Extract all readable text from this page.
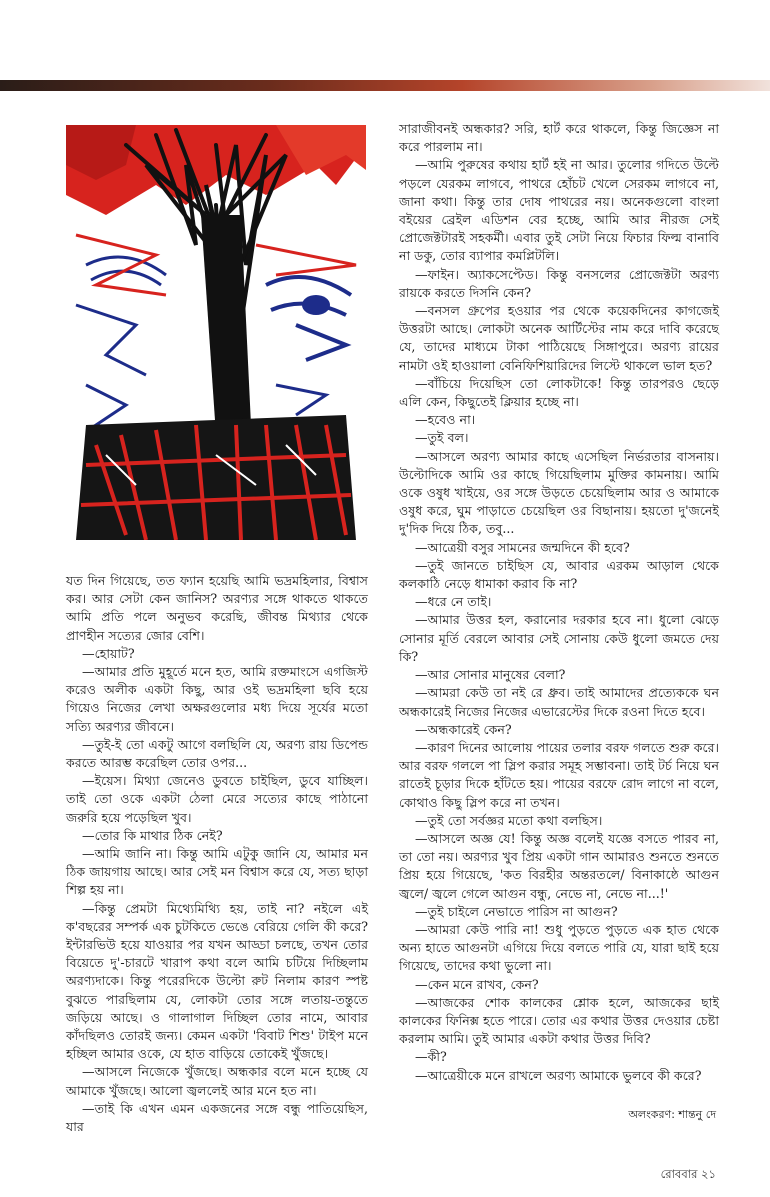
যত দিন গিয়েছে, তত ফ্যান হয়েছি আমি ভদ্রমহিলার, বিশ্বাস কর। আর সেটা কেন জানিস? অরণ্যর সঙ্গে থাকতে থাকতে আমি প্রতি পলে অনুভব করেছি, জীবন্ত মিথ্যার থেকে প্রাণহীন সত্যের জোর বেশি।

—হোয়াট?

—আমার প্রতি মুহূর্তে মনে হত, আমি রক্তমাংসে এগজিস্ট করেও অলীক একটা কিছু, আর ওই ভদ্রমহিলা ছবি হয়ে গিয়েও নিজের লেখা অক্ষরগুলোর মধ্য দিয়ে সূর্যের মতো সত্যি অরণ্যর জীবনে।

—তুই-ই তো একটু আগে বলছিলি যে, অরণ্য রায় ডিপেন্ড করতে আরম্ভ করেছিল তোর ওপর...

—ইয়েস। মিথ্যা জেনেও ডুবতে চাইছিল, ডুবে যাচ্ছিল। তাই তো ওকে একটা ঠেলা মেরে সত্যের কাছে পাঠানো জরুরি হয়ে পড়েছিল খুব।

—তোর কি মাথার ঠিক নেই?

—আমি জানি না। কিন্তু আমি এটুকু জানি যে, আমার মন ঠিক জায়গায় আছে। আর সেই মন বিশ্বাস করে যে, সত্য ছাড়া শিল্প হয় না।

—কিন্তু প্রেমটা মিথ্যেমিথ্যি হয়, তাই না? নইলে এই ক'বছরের সম্পর্ক এক চুটকিতে ভেঙে বেরিয়ে গেলি কী করে? ইন্টারভিউ হয়ে যাওয়ার পর যখন আড্ডা চলছে, তখন তোর বিয়েতে দু'-চারটে খারাপ কথা বলে আমি চটিয়ে দিচ্ছিলাম অরণ্যদাকে। কিন্তু পরেরদিকে উল্টো রুট নিলাম কারণ স্পষ্ট বুঝতে পারছিলাম যে, লোকটা তোর সঙ্গে লতায়-তন্তুতে জড়িয়ে আছে। ও গালাগাল দিচ্ছিল তোর নামে, আবার কাঁদছিলও তোরই জন্য। কেমন একটা 'বিবাট শিশু' টাইপ মনে হচ্ছিল আমার ওকে, যে হাত বাড়িয়ে তোকেই খুঁজছে।

—আসলে নিজেকে খুঁজছে। অন্ধকার বলে মনে হচ্ছে যে আমাকে খুঁজছে। আলো জ্বললেই আর মনে হত না।

—তাই কি এখন এমন একজনের সঙ্গে বন্ধু পাতিয়েছিস, যার

সারাজীবনই অন্ধকার? সরি, হার্ট করে থাকলে, কিন্তু জিজ্ঞেস না করে পারলাম না।

—আমি পুরুষের কথায় হার্ট হই না আর। তুলোর গদিতে উল্টে পড়লে যেরকম লাগবে, পাথরে হোঁচট খেলে সেরকম লাগবে না, জানা কথা। কিন্তু তার দোষ পাথরের নয়। অনেকগুলো বাংলা বইয়ের ব্রেইল এডিশন বের হচ্ছে, আমি আর নীরজ সেই প্রোজেক্টটারই সহকর্মী। এবার তুই সেটা নিয়ে ফিচার ফিল্ম বানাবি না ডকু, তোর ব্যাপার কমপ্লিটলি।

—ফাইন। অ্যাকসেপ্টেড। কিন্তু বনসলের প্রোজেক্টটা অরণ্য রায়কে করতে দিসনি কেন?

—বনসল গ্রুপের হওয়ার পর থেকে কয়েকদিনের কাগজেই উত্তরটা আছে। লোকটা অনেক আর্টিস্টের নাম করে দাবি করেছে যে, তাদের মাধ্যমে টাকা পাঠিয়েছে সিঙ্গাপুরে। অরণ্য রায়ের নামটা ওই হাওয়ালা বেনিফিশিয়ারিদের লিস্টে থাকলে ভাল হত?

—বাঁচিয়ে দিয়েছিস তো লোকটাকে! কিন্তু তারপরও ছেড়ে এলি কেন, কিছুতেই ক্লিয়ার হচ্ছে না।

—হবেও না।

—তুই বল।

—আসলে অরণ্য আমার কাছে এসেছিল নির্ভরতার বাসনায়। উল্টোদিকে আমি ওর কাছে গিয়েছিলাম মুক্তির কামনায়। আমি ওকে ওষুধ খাইয়ে, ওর সঙ্গে উড়তে চেয়েছিলাম আর ও আমাকে ওষুধ করে, ঘুম পাড়াতে চেয়েছিল ওর বিছানায়। হয়তো দু'জনেই দু'দিক দিয়ে ঠিক, তবু...

—আত্রেয়ী বসুর সামনের জন্মদিনে কী হবে?

—তুই জানতে চাইছিস যে, আবার এরকম আড়াল থেকে কলকাঠি নেড়ে ধামাকা করাব কি না?

—ধরে নে তাই।

—আমার উত্তর হল, করানোর দরকার হবে না। ধুলো ঝেড়ে সোনার মূর্তি বেরলে আবার সেই সোনায় কেউ ধুলো জমতে দেয় কি?

—আর সোনার মানুষের বেলা?

—আমরা কেউ তা নই রে ধ্রুব। তাই আমাদের প্রত্যেককে ঘন অন্ধকারেই নিজের নিজের এভারেস্টের দিকে রওনা দিতে হবে।

—অন্ধকারেই কেন?

—কারণ দিনের আলোয় পায়ের তলার বরফ গলতে শুরু করে। আর বরফ গললে পা স্লিপ করার সমূহ সম্ভাবনা। তাই টর্চ নিয়ে ঘন রাতেই চূড়ার দিকে হাঁটতে হয়। পায়ের বরফে রোদ লাগে না বলে, কোথাও কিছু স্লিপ করে না তখন।

—তুই তো সর্বজ্ঞর মতো কথা বলছিস।

—আসলে অজ্ঞ যে! কিন্তু অজ্ঞ বলেই যজ্ঞে বসতে পারব না, তা তো নয়। অরণ্যর খুব প্রিয় একটা গান আমারও শুনতে শুনতে প্রিয় হয়ে গিয়েছে, 'কত বিরহীর অন্তরতলে/ বিনাকাষ্ঠে আগুন জ্বলে/ জ্বলে গেলে আগুন বন্ধু, নেভে না, নেভে না...!'

—তুই চাইলে নেভাতে পারিস না আগুন?

—আমরা কেউ পারি না! শুধু পুড়তে পুড়তে এক হাত থেকে অন্য হাতে আগুনটা এগিয়ে দিয়ে বলতে পারি যে, যারা ছাই হয়ে গিয়েছে, তাদের কথা ভুলো না।

—কেন মনে রাখব, কেন?

—আজকের শোক কালকের শ্লোক হলে, আজকের ছাই কালকের ফিনিক্স হতে পারে। তোর এর কথার উত্তর দেওয়ার চেষ্টা করলাম আমি। তুই আমার একটা কথার উত্তর দিবি?

—কী?

—আত্রেয়ীকে মনে রাখলে অরণ্য আমাকে ভুলবে কী করে?

অলংকরণ: শান্তনু দে
রোববার ২১
